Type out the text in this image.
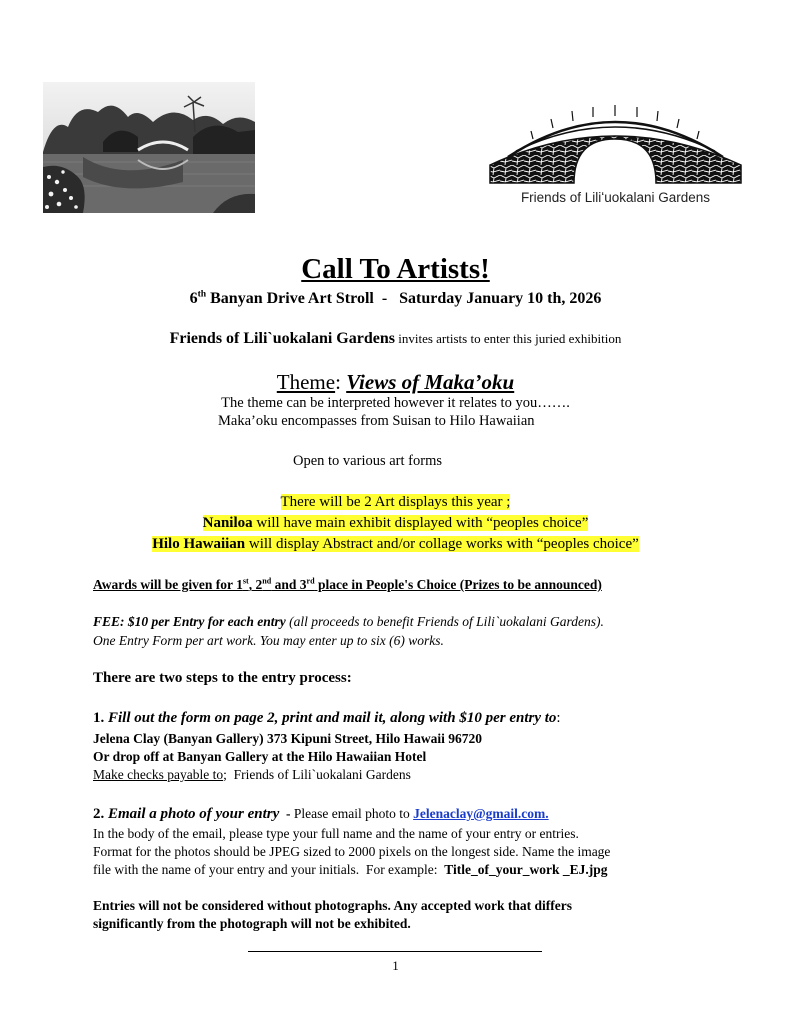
Friends of Liliʻuokalani Gardens
Call To Artists!
6th Banyan Drive Art Stroll  -   Saturday January 10 th, 2026
Friends of Lili`uokalani Gardens invites artists to enter this juried exhibition
Theme: Views of Maka’oku
The theme can be interpreted however it relates to you…….
Maka’oku encompasses from Suisan to Hilo Hawaiian
Open to various art forms
There will be 2 Art displays this year ;
Naniloa will have main exhibit displayed with “peoples choice”
Hilo Hawaiian will display Abstract and/or collage works with “peoples choice”
Awards will be given for 1st, 2nd and 3rd place in People's Choice (Prizes to be announced)
FEE: $10 per Entry for each entry (all proceeds to benefit Friends of Lili`uokalani Gardens).
One Entry Form per art work. You may enter up to six (6) works.
There are two steps to the entry process:
1. Fill out the form on page 2, print and mail it, along with $10 per entry to:
Jelena Clay (Banyan Gallery) 373 Kipuni Street, Hilo Hawaii 96720
Or drop off at Banyan Gallery at the Hilo Hawaiian Hotel
Make checks payable to;  Friends of Lili`uokalani Gardens
2. Email a photo of your entry  - Please email photo to Jelenaclay@gmail.com.
In the body of the email, please type your full name and the name of your entry or entries.
Format for the photos should be JPEG sized to 2000 pixels on the longest side. Name the image
file with the name of your entry and your initials.  For example:  Title_of_your_work _EJ.jpg
Entries will not be considered without photographs. Any accepted work that differs
significantly from the photograph will not be exhibited.
1
